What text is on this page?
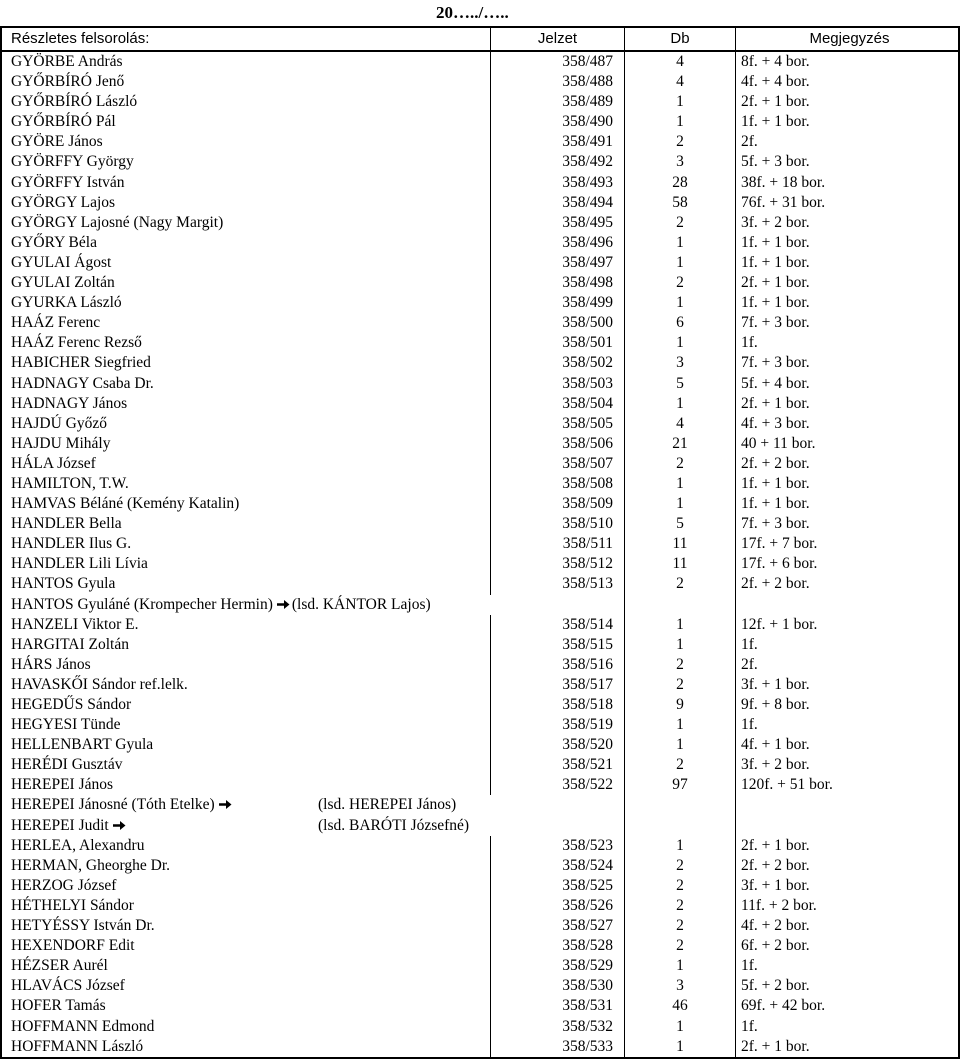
20…../…..
Részletes felsorolás:	Jelzet	Db	Megjegyzés
GYÖRBE András	358/487	4	8f. + 4 bor.
GYŐRBÍRÓ Jenő	358/488	4	4f. + 4 bor.
GYŐRBÍRÓ László	358/489	1	2f. + 1 bor.
GYŐRBÍRÓ Pál	358/490	1	1f. + 1 bor.
GYÖRE János	358/491	2	2f.
GYÖRFFY György	358/492	3	5f. + 3 bor.
GYÖRFFY István	358/493	28	38f. + 18 bor.
GYÖRGY Lajos	358/494	58	76f. + 31 bor.
GYÖRGY Lajosné (Nagy Margit)	358/495	2	3f. + 2 bor.
GYŐRY Béla	358/496	1	1f. + 1 bor.
GYULAI Ágost	358/497	1	1f. + 1 bor.
GYULAI Zoltán	358/498	2	2f. + 1 bor.
GYURKA László	358/499	1	1f. + 1 bor.
HAÁZ Ferenc	358/500	6	7f. + 3 bor.
HAÁZ Ferenc Rezső	358/501	1	1f.
HABICHER Siegfried	358/502	3	7f. + 3 bor.
HADNAGY Csaba Dr.	358/503	5	5f. + 4 bor.
HADNAGY János	358/504	1	2f. + 1 bor.
HAJDÚ Győző	358/505	4	4f. + 3 bor.
HAJDU Mihály	358/506	21	40 + 11 bor.
HÁLA József	358/507	2	2f. + 2 bor.
HAMILTON, T.W.	358/508	1	1f. + 1 bor.
HAMVAS Béláné (Kemény Katalin)	358/509	1	1f. + 1 bor.
HANDLER Bella	358/510	5	7f. + 3 bor.
HANDLER Ilus G.	358/511	11	17f. + 7 bor.
HANDLER Lili Lívia	358/512	11	17f. + 6 bor.
HANTOS Gyula	358/513	2	2f. + 2 bor.
HANTOS Gyuláné (Krompecher Hermin) (lsd. KÁNTOR Lajos)
HANZELI Viktor E.	358/514	1	12f. + 1 bor.
HARGITAI Zoltán	358/515	1	1f.
HÁRS János	358/516	2	2f.
HAVASKŐI Sándor ref.lelk.	358/517	2	3f. + 1 bor.
HEGEDŰS Sándor	358/518	9	9f. + 8 bor.
HEGYESI Tünde	358/519	1	1f.
HELLENBART Gyula	358/520	1	4f. + 1 bor.
HERÉDI Gusztáv	358/521	2	3f. + 2 bor.
HEREPEI János	358/522	97	120f. + 51 bor.
HEREPEI Jánosné (Tóth Etelke)	(lsd. HEREPEI János)
HEREPEI Judit	(lsd. BARÓTI Józsefné)
HERLEA, Alexandru	358/523	1	2f. + 1 bor.
HERMAN, Gheorghe Dr.	358/524	2	2f. + 2 bor.
HERZOG József	358/525	2	3f. + 1 bor.
HÉTHELYI Sándor	358/526	2	11f. + 2 bor.
HETYÉSSY István Dr.	358/527	2	4f. + 2 bor.
HEXENDORF Edit	358/528	2	6f. + 2 bor.
HÉZSER Aurél	358/529	1	1f.
HLAVÁCS József	358/530	3	5f. + 2 bor.
HOFER Tamás	358/531	46	69f. + 42 bor.
HOFFMANN Edmond	358/532	1	1f.
HOFFMANN László	358/533	1	2f. + 1 bor.
